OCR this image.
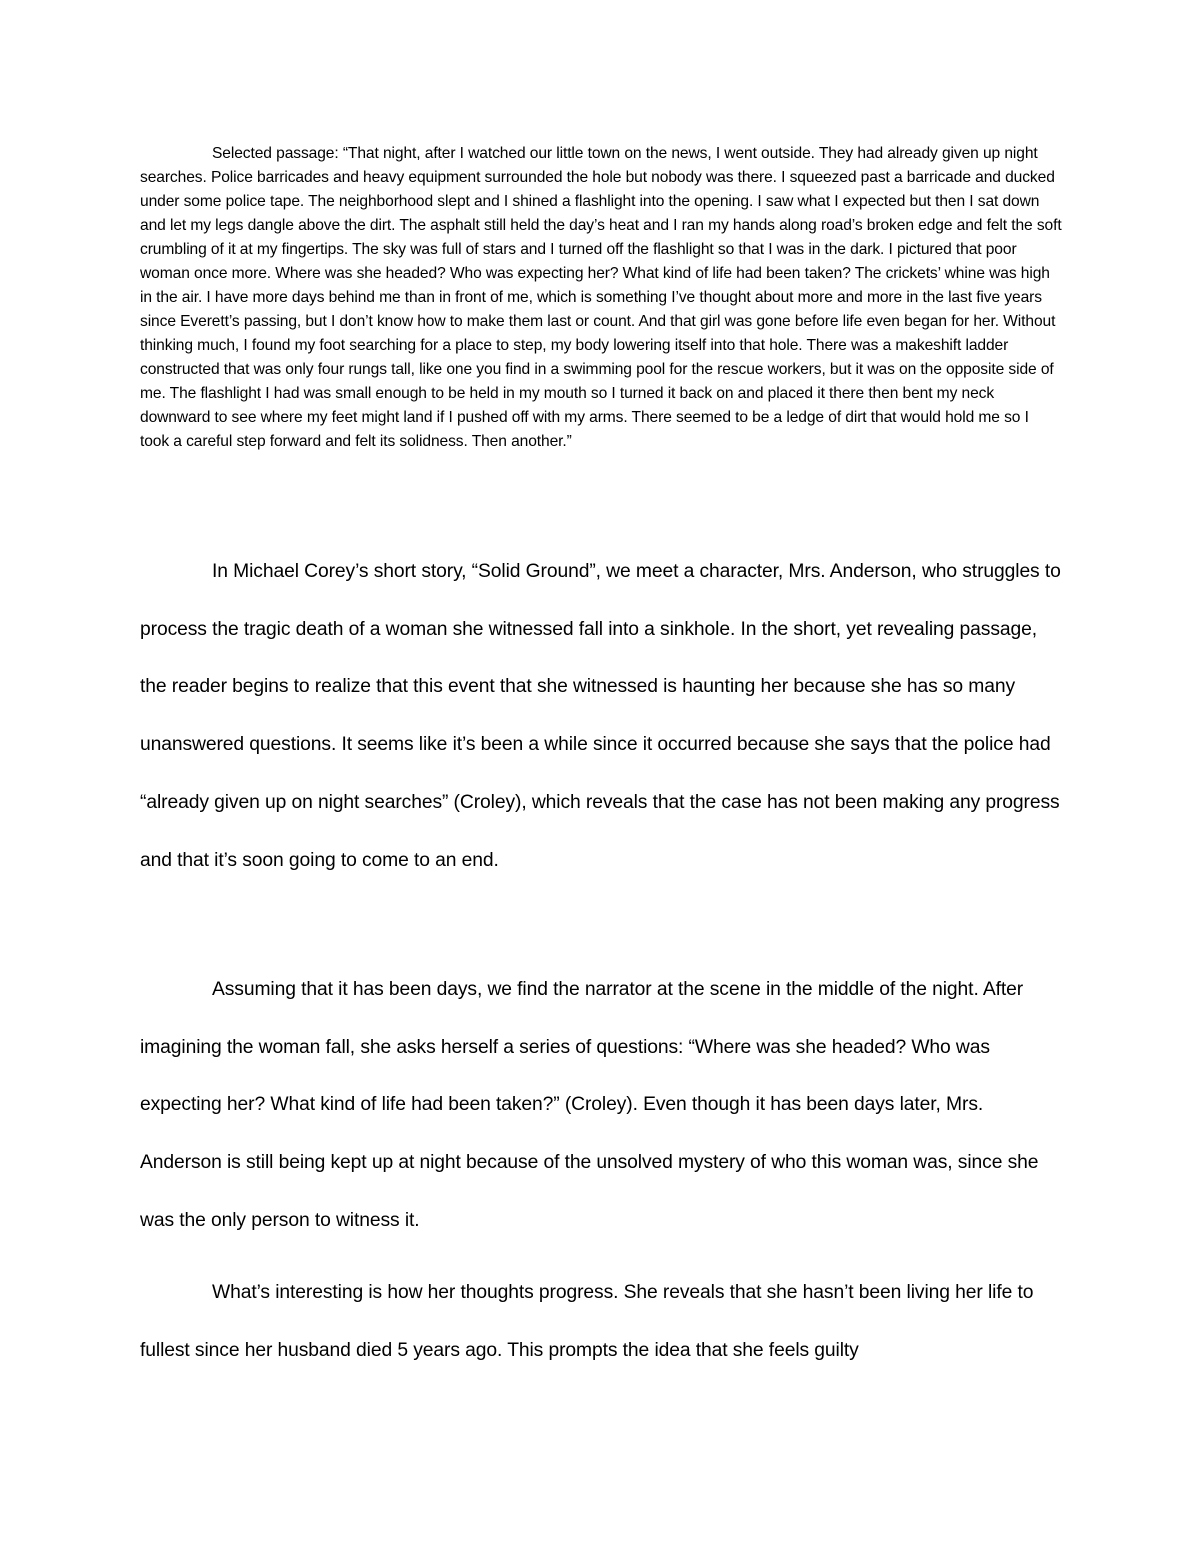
Selected passage: “That night, after I watched our little town on the news, I went outside. They had already given up night searches. Police barricades and heavy equipment surrounded the hole but nobody was there. I squeezed past a barricade and ducked under some police tape. The neighborhood slept and I shined a flashlight into the opening. I saw what I expected but then I sat down and let my legs dangle above the dirt. The asphalt still held the day’s heat and I ran my hands along road’s broken edge and felt the soft crumbling of it at my fingertips. The sky was full of stars and I turned off the flashlight so that I was in the dark. I pictured that poor woman once more. Where was she headed? Who was expecting her? What kind of life had been taken? The crickets’ whine was high in the air. I have more days behind me than in front of me, which is something I’ve thought about more and more in the last five years since Everett’s passing, but I don’t know how to make them last or count. And that girl was gone before life even began for her. Without thinking much, I found my foot searching for a place to step, my body lowering itself into that hole. There was a makeshift ladder constructed that was only four rungs tall, like one you find in a swimming pool for the rescue workers, but it was on the opposite side of me. The flashlight I had was small enough to be held in my mouth so I turned it back on and placed it there then bent my neck downward to see where my feet might land if I pushed off with my arms. There seemed to be a ledge of dirt that would hold me so I took a careful step forward and felt its solidness. Then another.”

In Michael Corey’s short story, “Solid Ground”, we meet a character, Mrs. Anderson, who struggles to process the tragic death of a woman she witnessed fall into a sinkhole. In the short, yet revealing passage, the reader begins to realize that this event that she witnessed is haunting her because she has so many unanswered questions. It seems like it’s been a while since it occurred because she says that the police had “already given up on night searches” (Croley), which reveals that the case has not been making any progress and that it’s soon going to come to an end.

Assuming that it has been days, we find the narrator at the scene in the middle of the night. After imagining the woman fall, she asks herself a series of questions: “Where was she headed? Who was expecting her? What kind of life had been taken?” (Croley). Even though it has been days later, Mrs. Anderson is still being kept up at night because of the unsolved mystery of who this woman was, since she was the only person to witness it.

What’s interesting is how her thoughts progress. She reveals that she hasn’t been living her life to fullest since her husband died 5 years ago. This prompts the idea that she feels guilty
